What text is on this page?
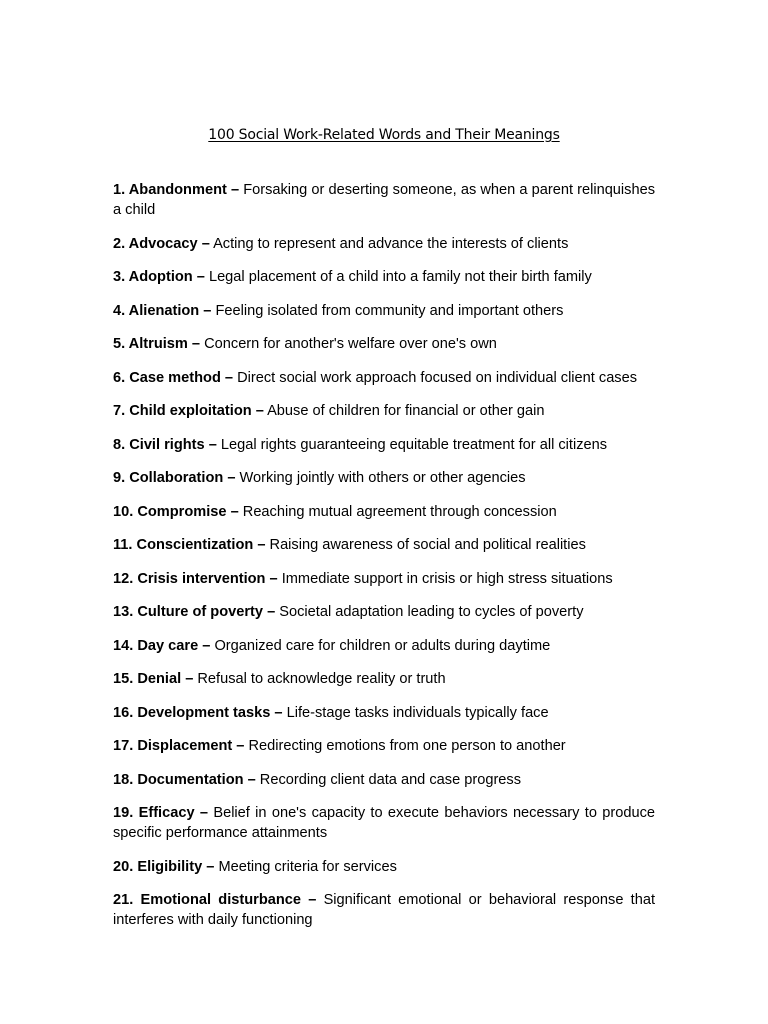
100 Social Work-Related Words and Their Meanings
1. Abandonment – Forsaking or deserting someone, as when a parent relinquishes a child
2. Advocacy – Acting to represent and advance the interests of clients
3. Adoption – Legal placement of a child into a family not their birth family
4. Alienation – Feeling isolated from community and important others
5. Altruism – Concern for another's welfare over one's own
6. Case method – Direct social work approach focused on individual client cases
7. Child exploitation – Abuse of children for financial or other gain
8. Civil rights – Legal rights guaranteeing equitable treatment for all citizens
9. Collaboration – Working jointly with others or other agencies
10. Compromise – Reaching mutual agreement through concession
11. Conscientization – Raising awareness of social and political realities
12. Crisis intervention – Immediate support in crisis or high stress situations
13. Culture of poverty – Societal adaptation leading to cycles of poverty
14. Day care – Organized care for children or adults during daytime
15. Denial – Refusal to acknowledge reality or truth
16. Development tasks – Life-stage tasks individuals typically face
17. Displacement – Redirecting emotions from one person to another
18. Documentation – Recording client data and case progress
19. Efficacy – Belief in one's capacity to execute behaviors necessary to produce specific performance attainments
20. Eligibility – Meeting criteria for services
21. Emotional disturbance – Significant emotional or behavioral response that interferes with daily functioning
